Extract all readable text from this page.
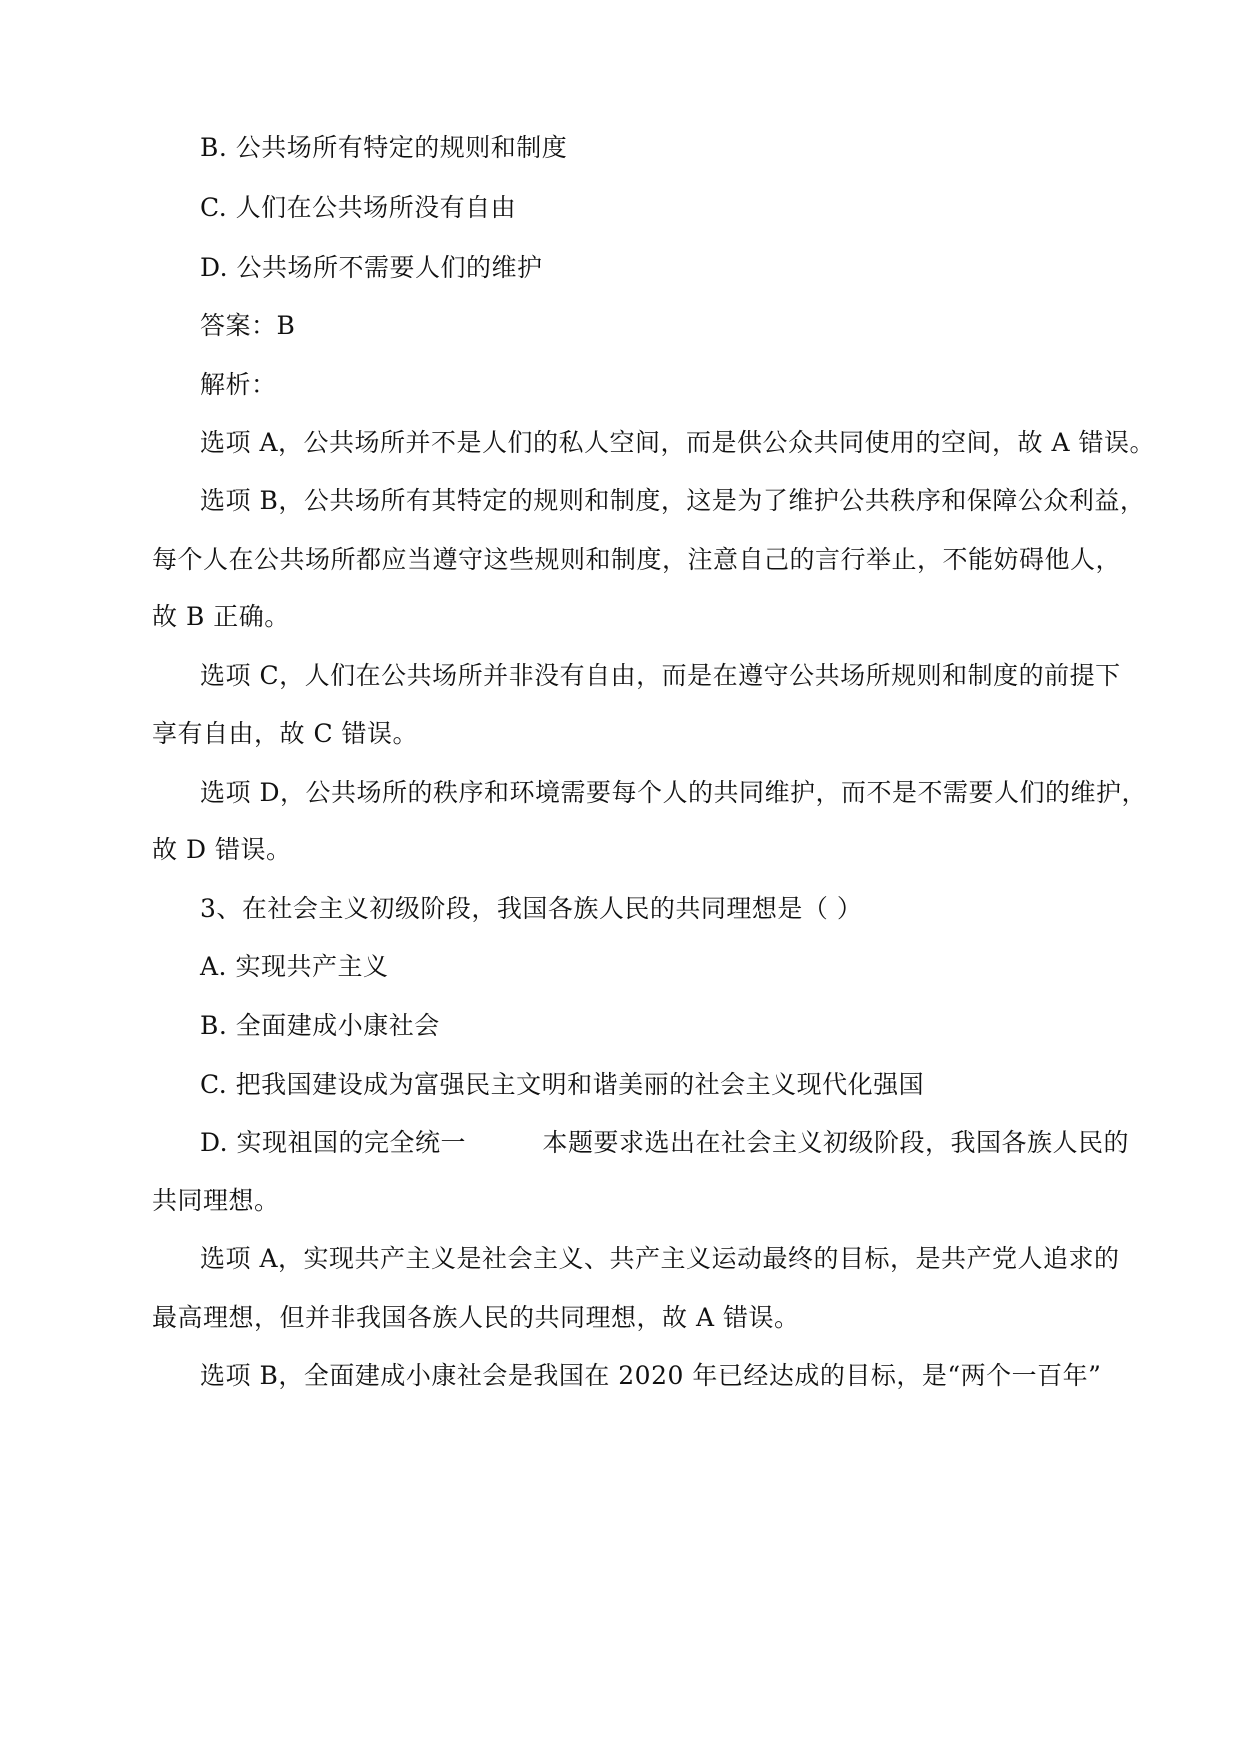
B. 公共场所有特定的规则和制度
C. 人们在公共场所没有自由
D. 公共场所不需要人们的维护
答案：B
解析：
选项 A，公共场所并不是人们的私人空间，而是供公众共同使用的空间，故 A 错误。
选项 B，公共场所有其特定的规则和制度，这是为了维护公共秩序和保障公众利益，
每个人在公共场所都应当遵守这些规则和制度，注意自己的言行举止，不能妨碍他人，
故 B 正确。
选项 C，人们在公共场所并非没有自由，而是在遵守公共场所规则和制度的前提下
享有自由，故 C 错误。
选项 D，公共场所的秩序和环境需要每个人的共同维护，而不是不需要人们的维护，
故 D 错误。
3、在社会主义初级阶段，我国各族人民的共同理想是（ ）
A. 实现共产主义
B. 全面建成小康社会
C. 把我国建设成为富强民主文明和谐美丽的社会主义现代化强国
D. 实现祖国的完全统一　　　本题要求选出在社会主义初级阶段，我国各族人民的
共同理想。
选项 A，实现共产主义是社会主义、共产主义运动最终的目标，是共产党人追求的
最高理想，但并非我国各族人民的共同理想，故 A 错误。
选项 B，全面建成小康社会是我国在 2020 年已经达成的目标，是“两个一百年”
